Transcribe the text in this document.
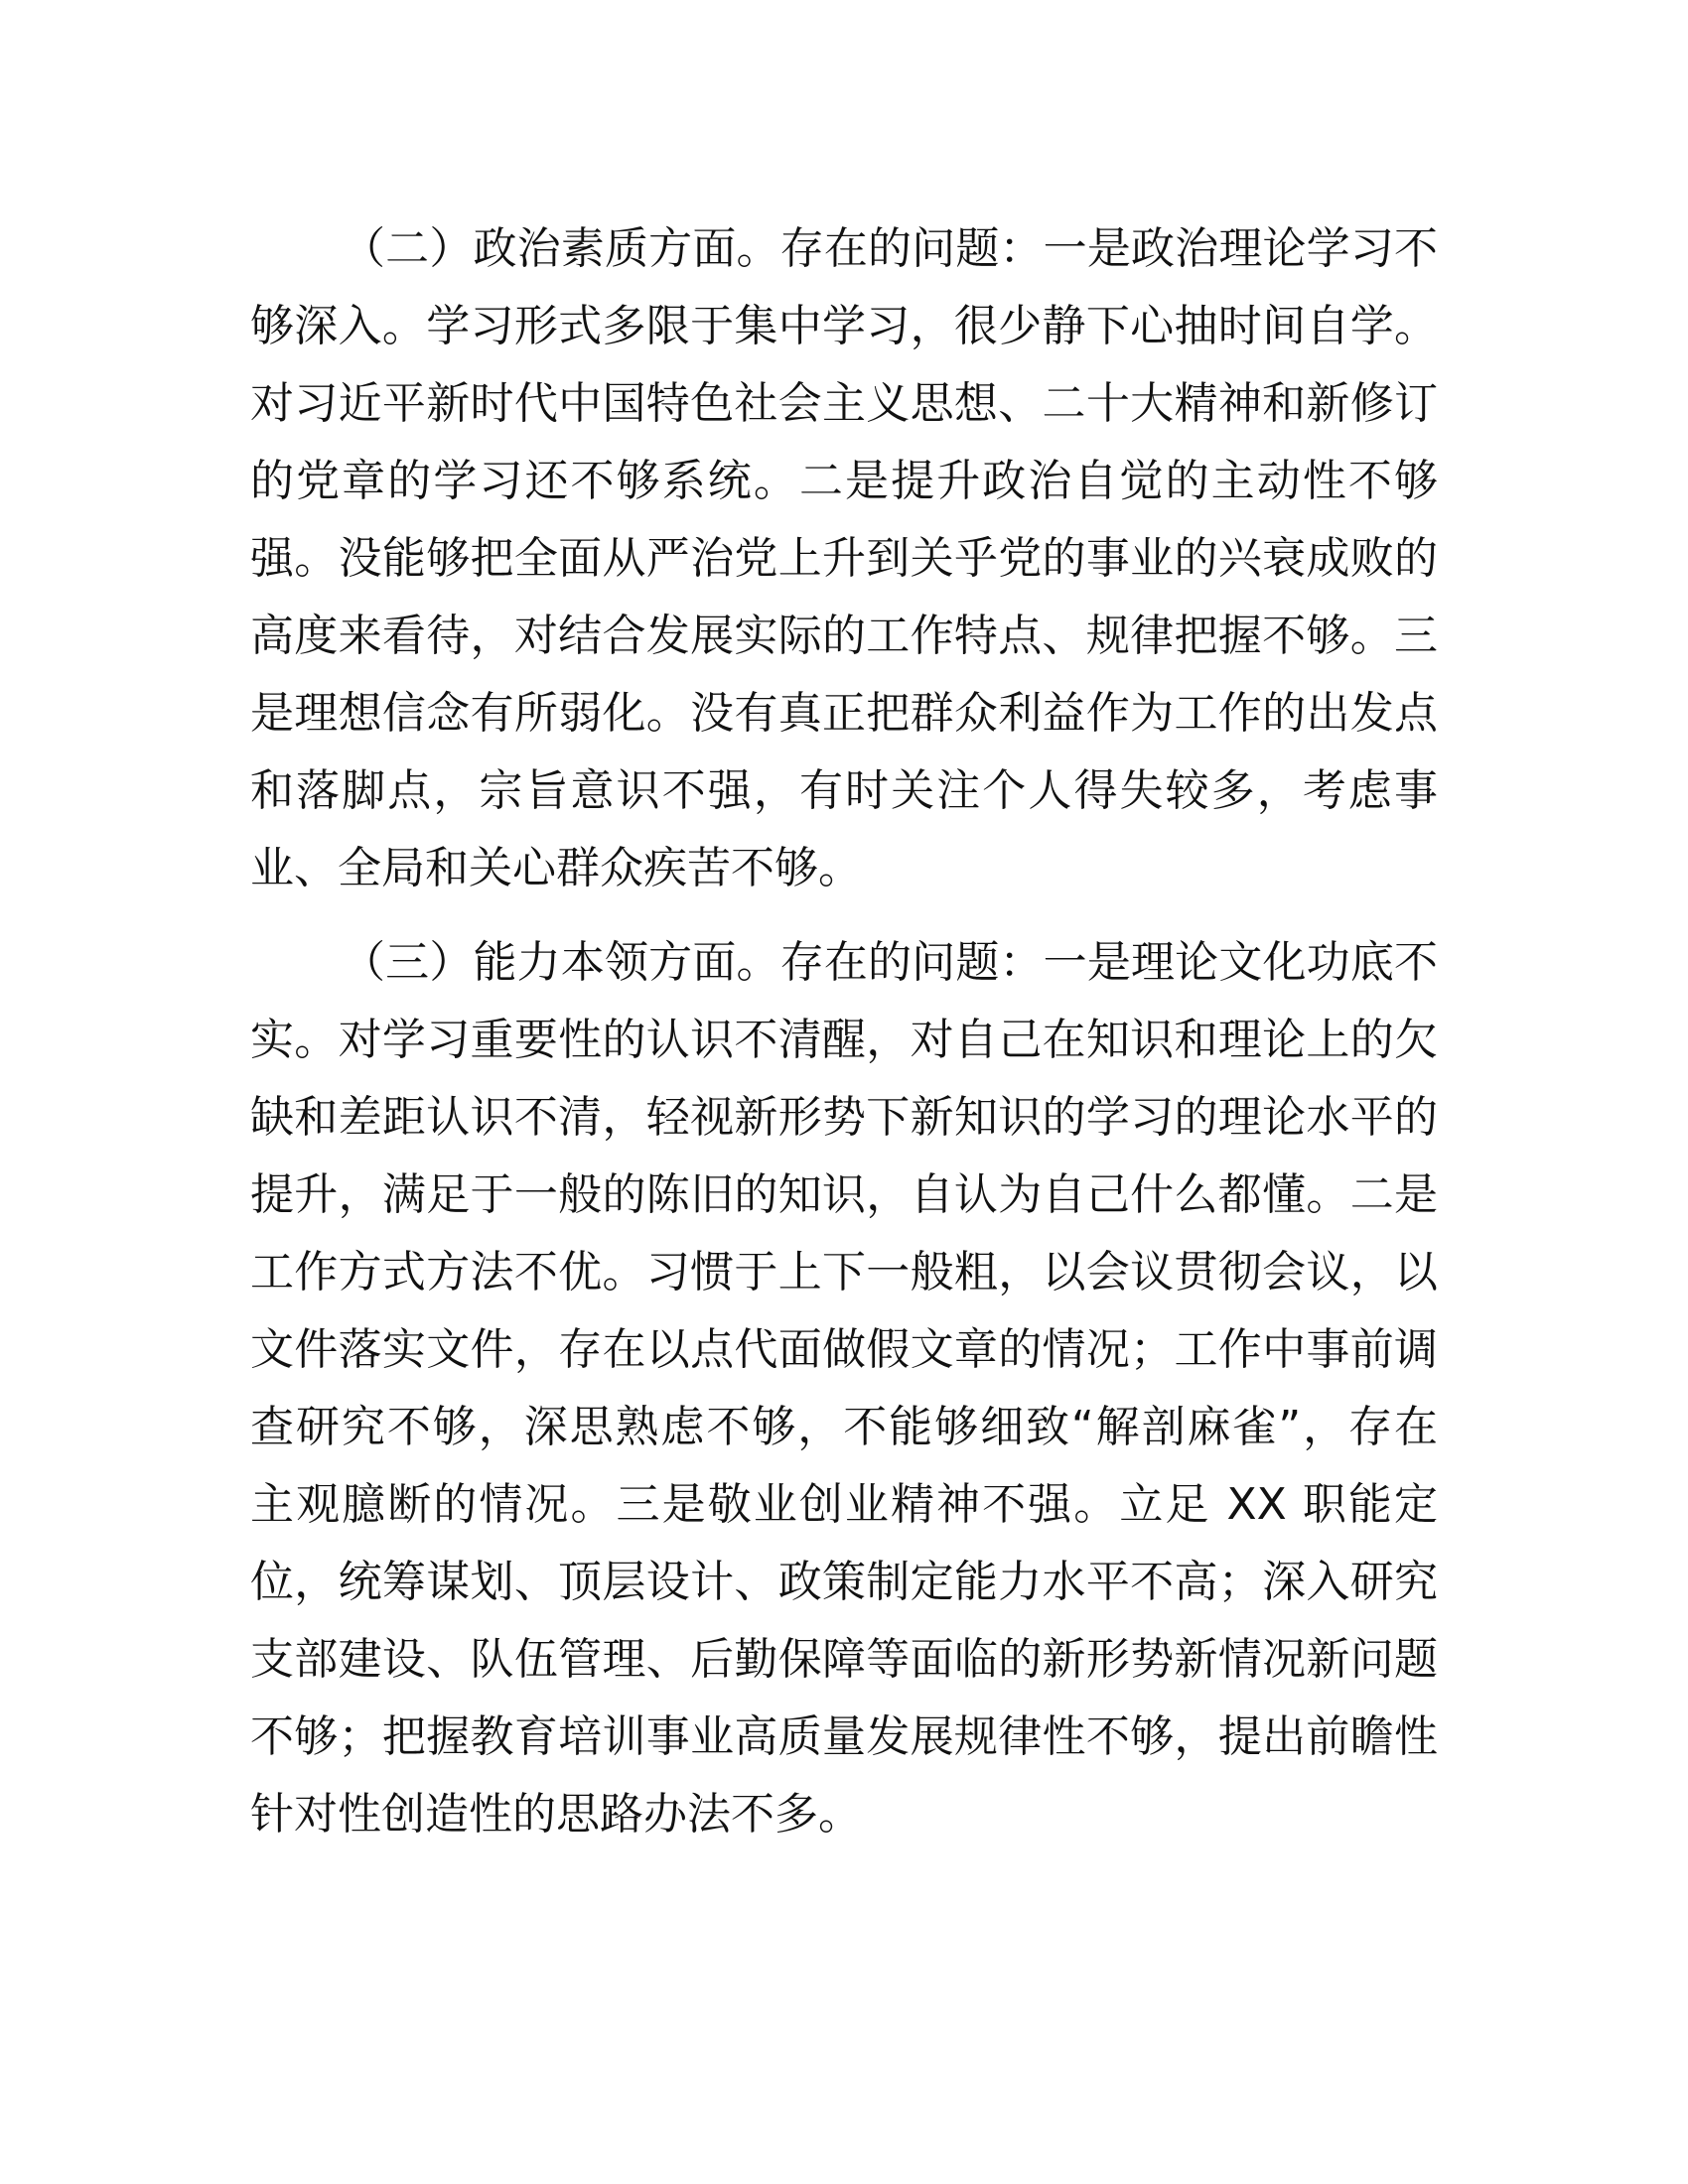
（二）政治素质方面。存在的问题：一是政治理论学习不
够深入。学习形式多限于集中学习，很少静下心抽时间自学。
对习近平新时代中国特色社会主义思想、二十大精神和新修订
的党章的学习还不够系统。二是提升政治自觉的主动性不够
强。没能够把全面从严治党上升到关乎党的事业的兴衰成败的
高度来看待，对结合发展实际的工作特点、规律把握不够。三
是理想信念有所弱化。没有真正把群众利益作为工作的出发点
和落脚点，宗旨意识不强，有时关注个人得失较多，考虑事
业、全局和关心群众疾苦不够。
（三）能力本领方面。存在的问题：一是理论文化功底不
实。对学习重要性的认识不清醒，对自己在知识和理论上的欠
缺和差距认识不清，轻视新形势下新知识的学习的理论水平的
提升，满足于一般的陈旧的知识，自认为自己什么都懂。二是
工作方式方法不优。习惯于上下一般粗，以会议贯彻会议，以
文件落实文件，存在以点代面做假文章的情况；工作中事前调
查研究不够，深思熟虑不够，不能够细致“解剖麻雀”，存在
主观臆断的情况。三是敬业创业精神不强。立足 XX 职能定
位，统筹谋划、顶层设计、政策制定能力水平不高；深入研究
支部建设、队伍管理、后勤保障等面临的新形势新情况新问题
不够；把握教育培训事业高质量发展规律性不够，提出前瞻性
针对性创造性的思路办法不多。
